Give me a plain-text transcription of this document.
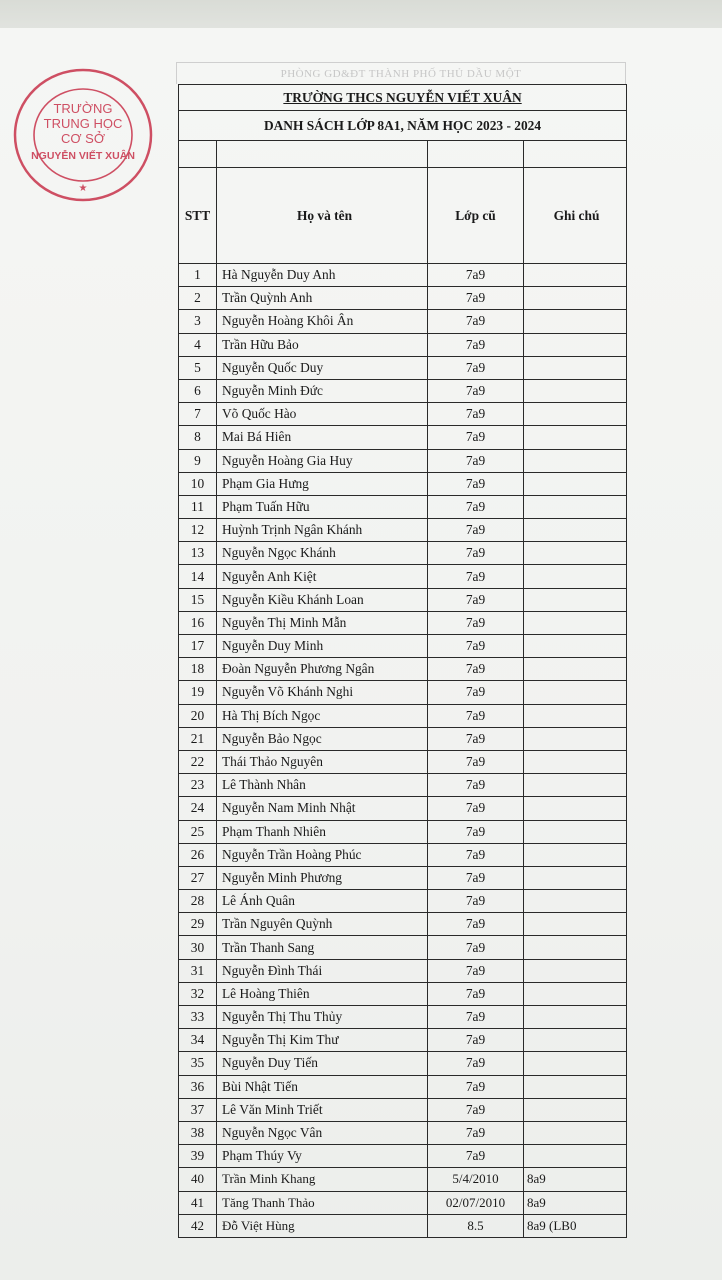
PHÒNG GD&ĐT THÀNH PHỐ THỦ DẦU MỘT
TRƯỜNG
TRUNG HỌC
CƠ SỞ
NGUYỄN VIẾT XUÂN
★
TRƯỜNG THCS NGUYỄN VIẾT XUÂN			
DANH SÁCH LỚP 8A1, NĂM HỌC 2023 - 2024			

STT	Họ và tên	Lớp cũ	Ghi chú
1	Hà Nguyễn Duy Anh	7a9	
2	Trần Quỳnh Anh	7a9	
3	Nguyễn Hoàng Khôi Ân	7a9	
4	Trần Hữu Bảo	7a9	
5	Nguyễn Quốc Duy	7a9	
6	Nguyễn Minh Đức	7a9	
7	Võ Quốc Hào	7a9	
8	Mai Bá Hiên	7a9	
9	Nguyễn Hoàng Gia Huy	7a9	
10	Phạm Gia Hưng	7a9	
11	Phạm Tuấn Hữu	7a9	
12	Huỳnh Trịnh Ngân Khánh	7a9	
13	Nguyễn Ngọc Khánh	7a9	
14	Nguyễn Anh Kiệt	7a9	
15	Nguyễn Kiều Khánh Loan	7a9	
16	Nguyễn Thị Minh Mẫn	7a9	
17	Nguyễn Duy Minh	7a9	
18	Đoàn Nguyễn Phương Ngân	7a9	
19	Nguyễn Võ Khánh Nghi	7a9	
20	Hà Thị Bích Ngọc	7a9	
21	Nguyễn Bảo Ngọc	7a9	
22	Thái Thảo Nguyên	7a9	
23	Lê Thành Nhân	7a9	
24	Nguyễn Nam Minh Nhật	7a9	
25	Phạm Thanh Nhiên	7a9	
26	Nguyễn Trần Hoàng Phúc	7a9	
27	Nguyễn Minh Phương	7a9	
28	Lê Ánh Quân	7a9	
29	Trần Nguyên Quỳnh	7a9	
30	Trần Thanh Sang	7a9	
31	Nguyễn Đình Thái	7a9	
32	Lê Hoàng Thiên	7a9	
33	Nguyễn Thị Thu Thủy	7a9	
34	Nguyễn Thị Kim Thư	7a9	
35	Nguyễn Duy Tiến	7a9	
36	Bùi Nhật Tiến	7a9	
37	Lê Văn Minh Triết	7a9	
38	Nguyễn Ngọc Vân	7a9	
39	Phạm Thúy Vy	7a9	
40	Trần Minh Khang	5/4/2010	8a9
41	Tăng Thanh Thảo	02/07/2010	8a9
42	Đỗ Việt Hùng	8.5	8a9 (LB0
